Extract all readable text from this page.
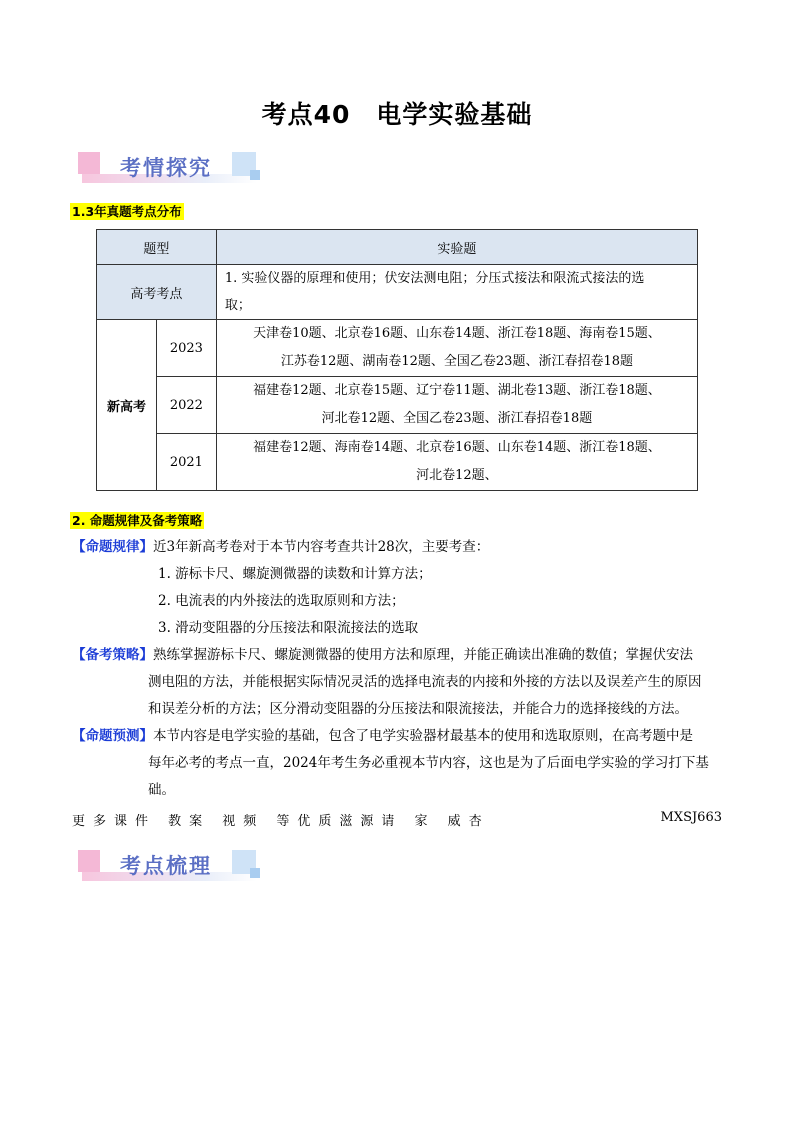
考点40 电学实验基础
考情探究
1.3年真题考点分布
题型		实验题
高考考点		1. 实验仪器的原理和使用；伏安法测电阻；分压式接法和限流式接法的选
取；

新高考	2023	天津卷10题、北京卷16题、山东卷14题、浙江卷18题、海南卷15题、
江苏卷12题、湖南卷12题、全国乙卷23题、浙江春招卷18题

	2022	福建卷12题、北京卷15题、辽宁卷11题、湖北卷13题、浙江卷18题、
河北卷12题、全国乙卷23题、浙江春招卷18题

	2021	福建卷12题、海南卷14题、北京卷16题、山东卷14题、浙江卷18题、
河北卷12题、
2. 命题规律及备考策略
【命题规律】近3年新高考卷对于本节内容考查共计28次，主要考查：
1. 游标卡尺、螺旋测微器的读数和计算方法；
2. 电流表的内外接法的选取原则和方法；
3. 滑动变阻器的分压接法和限流接法的选取
【备考策略】熟练掌握游标卡尺、螺旋测微器的使用方法和原理，并能正确读出准确的数值；掌握伏安法
测电阻的方法，并能根据实际情况灵活的选择电流表的内接和外接的方法以及误差产生的原因
和误差分析的方法；区分滑动变阻器的分压接法和限流接法，并能合力的选择接线的方法。
【命题预测】本节内容是电学实验的基础，包含了电学实验器材最基本的使用和选取原则，在高考题中是
每年必考的考点一直，2024年考生务必重视本节内容，这也是为了后面电学实验的学习打下基
础。
更多课件 教案 视频 等优质滋源请 家 威杏	MXSJ663
考点梳理
